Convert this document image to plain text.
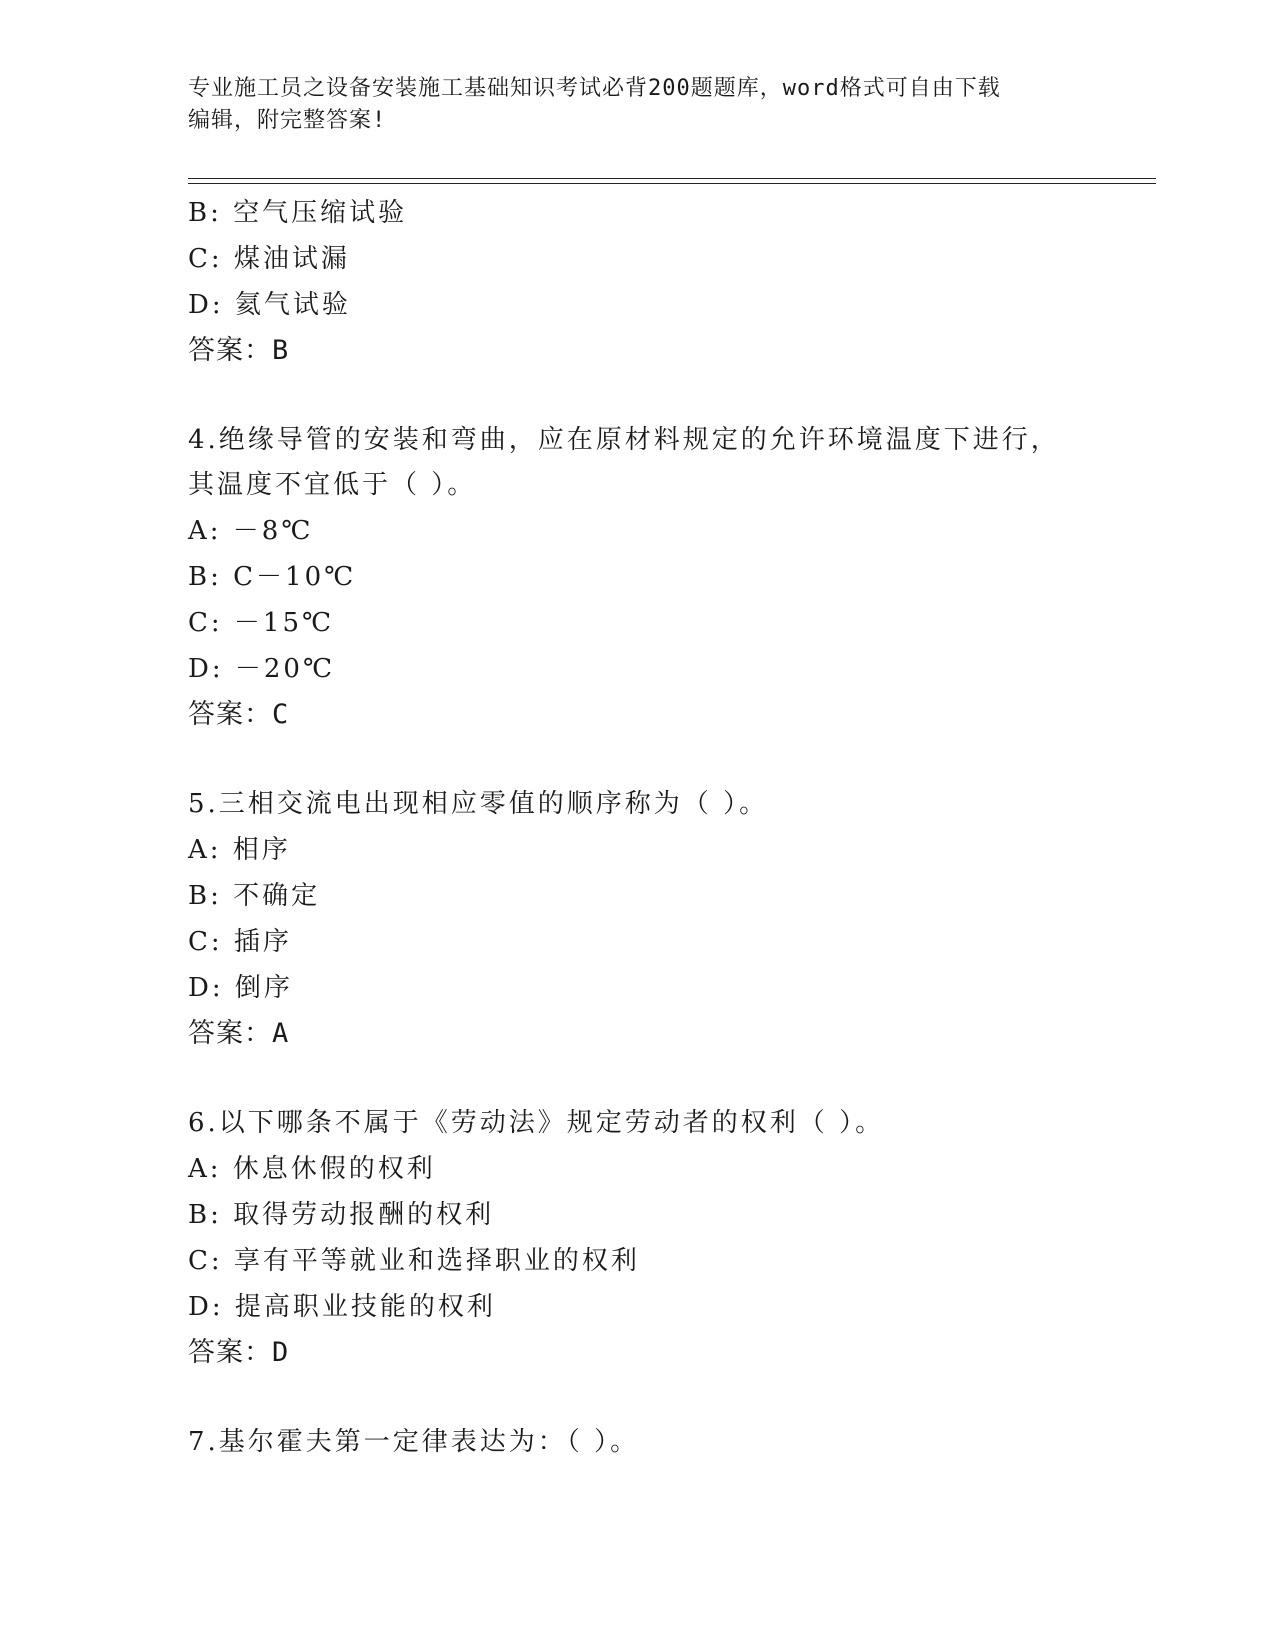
专业施工员之设备安装施工基础知识考试必背200题题库，word格式可自由下载
编辑，附完整答案!
B: 空气压缩试验
C: 煤油试漏
D: 氦气试验
答案：B
4.绝缘导管的安装和弯曲，应在原材料规定的允许环境温度下进行，
其温度不宜低于（ ）。
A: －8℃
B: C－10℃
C: －15℃
D: －20℃
答案：C
5.三相交流电出现相应零值的顺序称为（ ）。
A: 相序
B: 不确定
C: 插序
D: 倒序
答案：A
6.以下哪条不属于《劳动法》规定劳动者的权利（ ）。
A: 休息休假的权利
B: 取得劳动报酬的权利
C: 享有平等就业和选择职业的权利
D: 提高职业技能的权利
答案：D
7.基尔霍夫第一定律表达为：（ ）。
